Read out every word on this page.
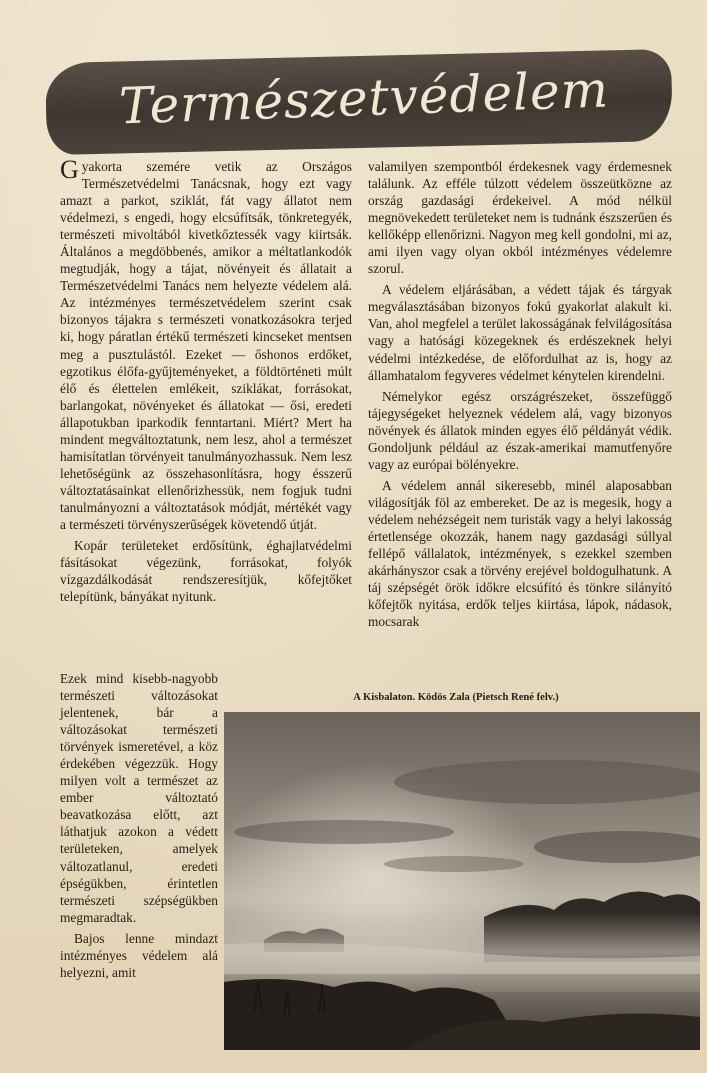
Természetvédelem

Gyakorta szemére vetik az Országos Természetvédelmi Tanácsnak, hogy ezt vagy amazt a parkot, sziklát, fát vagy állatot nem védelmezi, s engedi, hogy elcsúfítsák, tönkretegyék, természeti mivoltából kivetkőztessék vagy kiirtsák. Általános a megdöbbenés, amikor a méltatlankodók megtudják, hogy a tájat, növényeit és állatait a Természetvédelmi Tanács nem helyezte védelem alá. Az intézményes természetvédelem szerint csak bizonyos tájakra s természeti vonatkozásokra terjed ki, hogy páratlan értékű természeti kincseket mentsen meg a pusztulástól. Ezeket — őshonos erdőket, egzotikus élőfa-gyűjteményeket, a földtörténeti múlt élő és élettelen emlékeit, sziklákat, forrásokat, barlangokat, növényeket és állatokat — ősi, eredeti állapotukban iparkodik fenntartani. Miért? Mert ha mindent megváltoztatunk, nem lesz, ahol a természet hamisítatlan törvényeit tanulmányozhassuk. Nem lesz lehetőségünk az összehasonlításra, hogy ésszerű változtatásainkat ellenőrizhessük, nem fogjuk tudni tanulmányozni a változtatások módját, mértékét vagy a természeti törvényszerűségek követendő útját.

Kopár területeket erdősítünk, éghajlatvédelmi fásításokat végezünk, forrásokat, folyók vízgazdálkodását rendszeresítjük, kőfejtőket telepítünk, bányákat nyitunk.

Ezek mind kisebb-nagyobb természeti változásokat jelentenek, bár a változásokat természeti törvények ismeretével, a köz érdekében végezzük. Hogy milyen volt a természet az ember változtató beavatkozása előtt, azt láthatjuk azokon a védett területeken, amelyek változatlanul, eredeti épségükben, érintetlen természeti szépségükben megmaradtak.

Bajos lenne mindazt intézményes védelem alá helyezni, amit

valamilyen szempontból érdekesnek vagy érdemesnek találunk. Az efféle túlzott védelem összeütközne az ország gazdasági érdekeivel. A mód nélkül megnövekedett területeket nem is tudnánk észszerűen és kellőképp ellenőrizni. Nagyon meg kell gondolni, mi az, ami ilyen vagy olyan okból intézményes védelemre szorul.

A védelem eljárásában, a védett tájak és tárgyak megválasztásában bizonyos fokú gyakorlat alakult ki. Van, ahol megfelel a terület lakosságának felvilágosítása vagy a hatósági közegeknek és erdészeknek helyi védelmi intézkedése, de előfordulhat az is, hogy az államhatalom fegyveres védelmet kénytelen kirendelni.

Némelykor egész országrészeket, összefüggő tájegységeket helyeznek védelem alá, vagy bizonyos növények és állatok minden egyes élő példányát védik. Gondoljunk például az észak-amerikai mamutfenyőre vagy az európai bölényekre.

A védelem annál sikeresebb, minél alaposabban világosítják föl az embereket. De az is megesik, hogy a védelem nehézségeit nem turisták vagy a helyi lakosság értetlensége okozzák, hanem nagy gazdasági súllyal fellépő vállalatok, intézmények, s ezekkel szemben akárhányszor csak a törvény erejével boldogulhatunk. A táj szépségét örök időkre elcsúfító és tönkre silányító kőfejtők nyitása, erdők teljes kiirtása, lápok, nádasok, mocsarak

A Kisbalaton. Ködös Zala (Pietsch René felv.)
